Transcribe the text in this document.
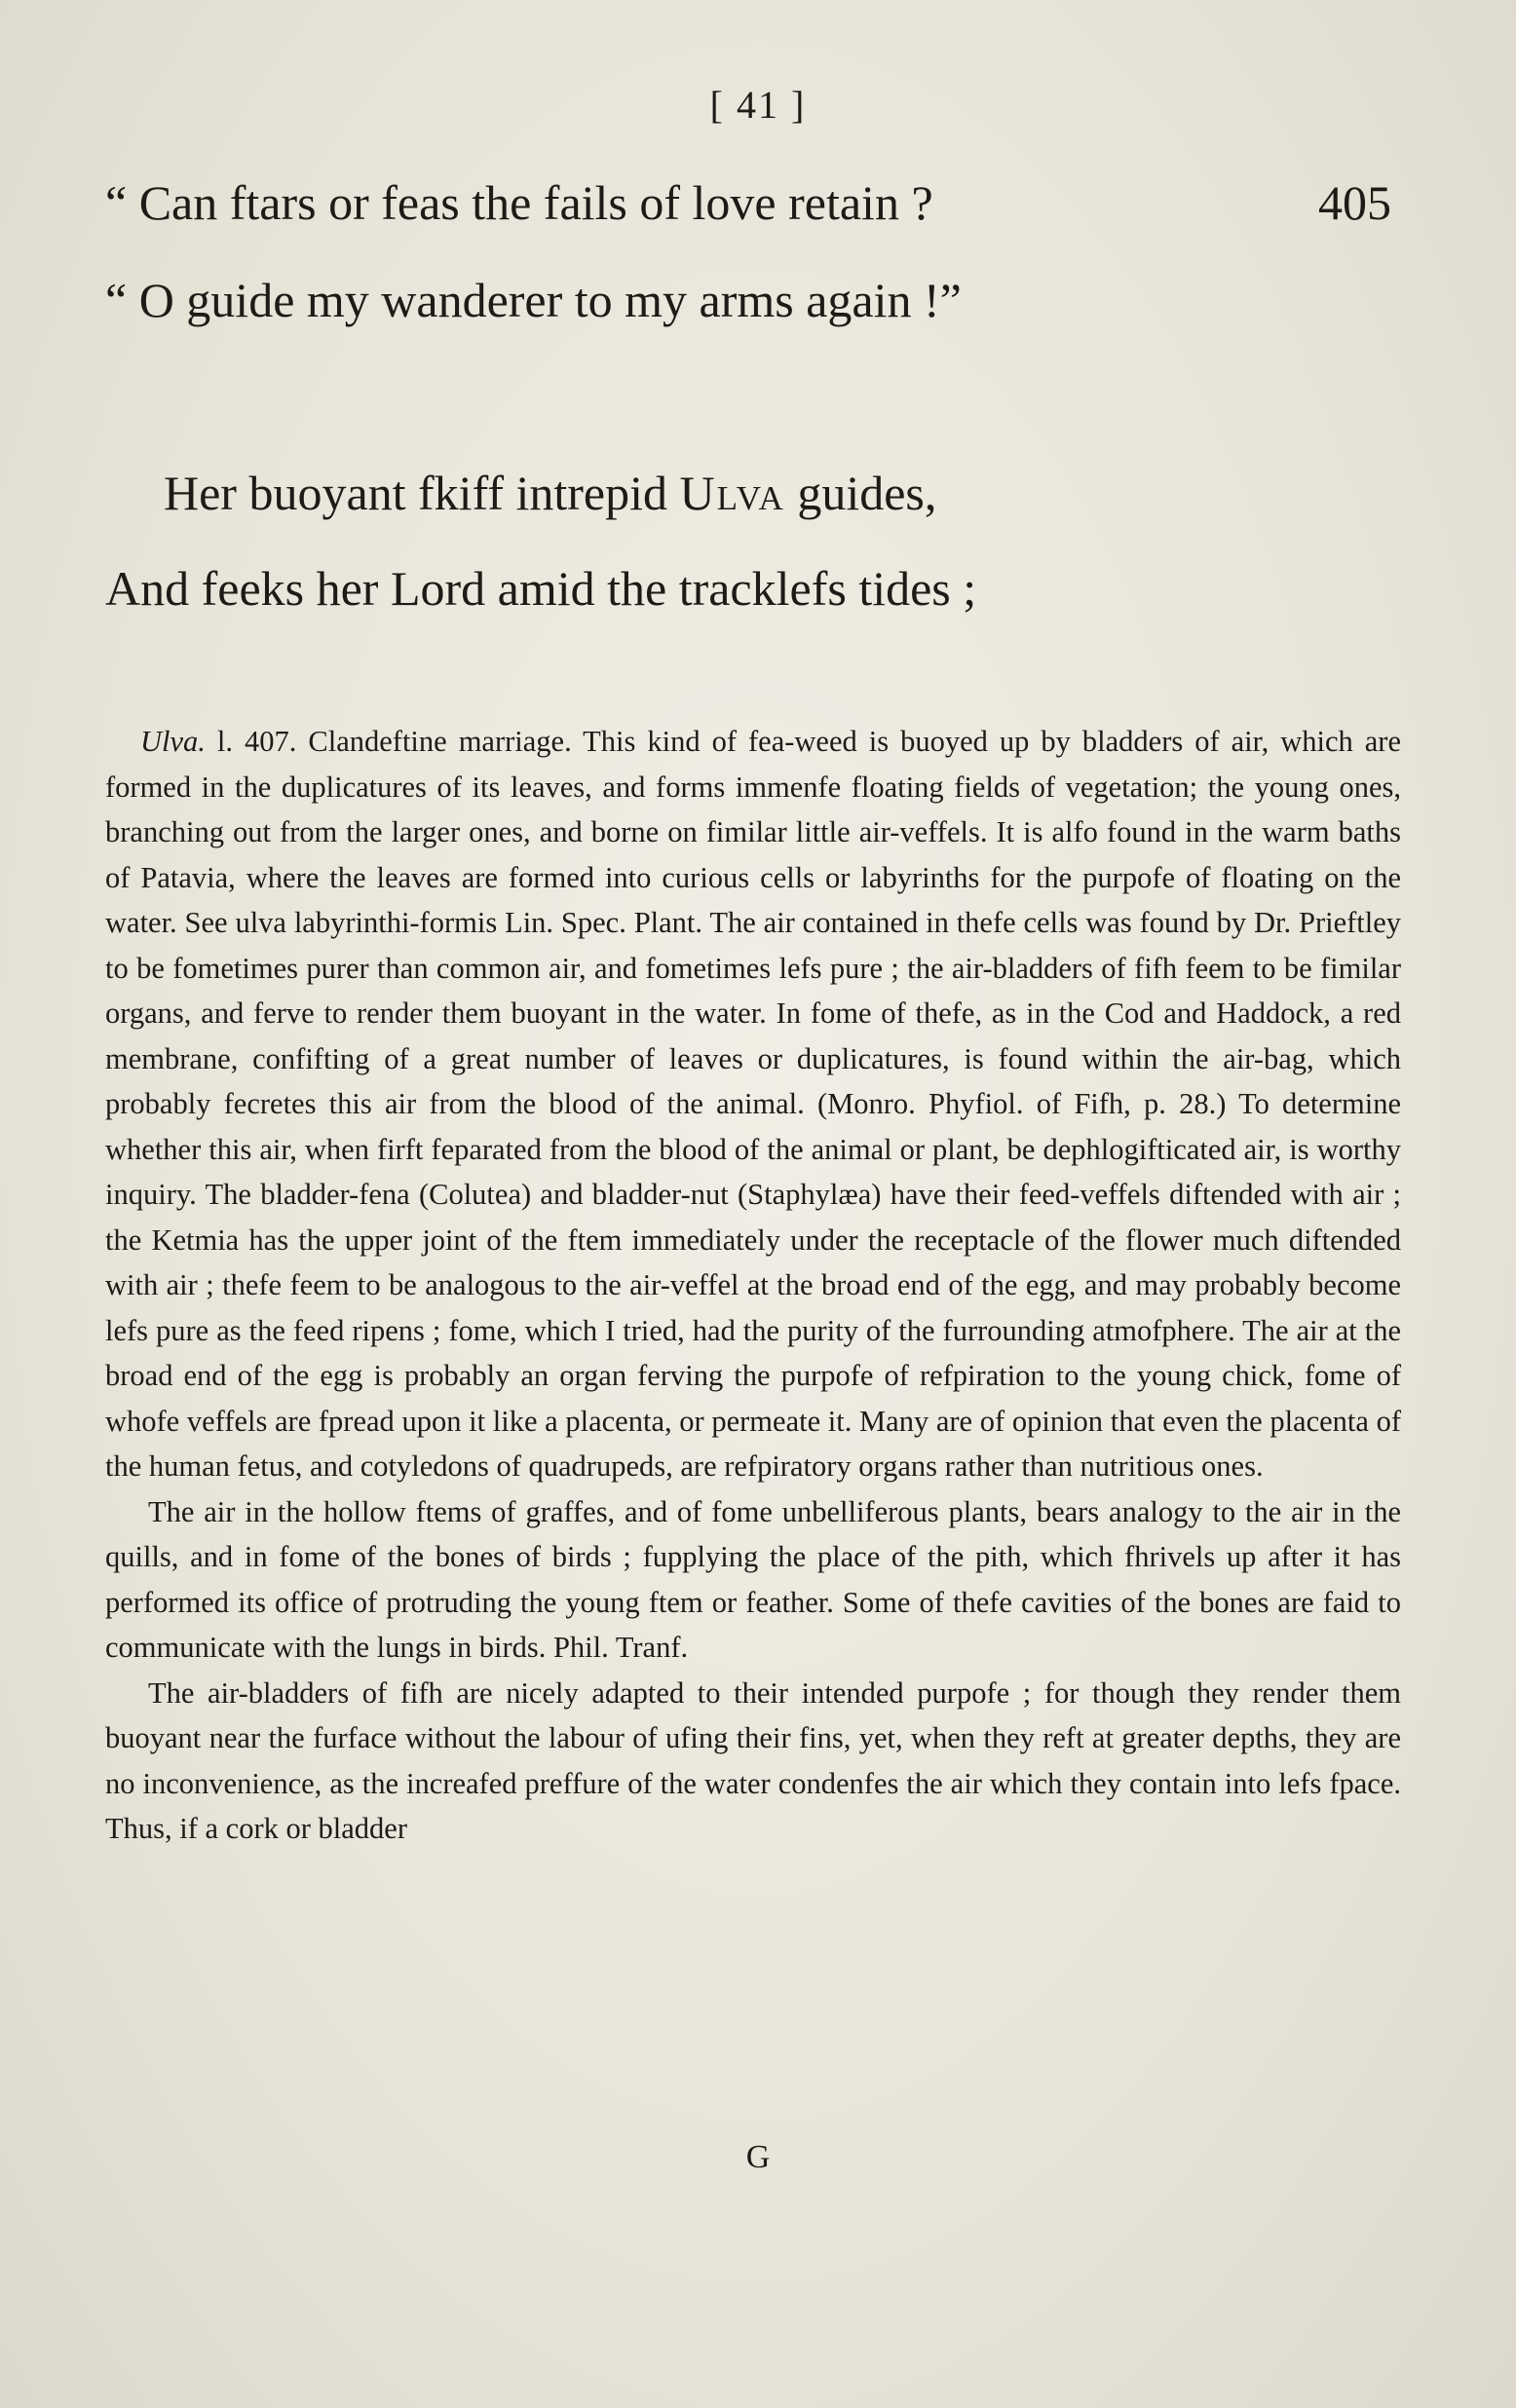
[ 41 ]
“ Can ftars or feas the fails of love retain ?	405
“ O guide my wanderer to my arms again !”
Her buoyant fkiff intrepid Ulva guides,
And feeks her Lord amid the tracklefs tides ;

Ulva. l. 407. Clandeftine marriage. This kind of fea-weed is buoyed up by bladders of air, which are formed in the duplicatures of its leaves, and forms immenfe floating fields of vegetation; the young ones, branching out from the larger ones, and borne on fimilar little air-veffels. It is alfo found in the warm baths of Patavia, where the leaves are formed into curious cells or labyrinths for the purpofe of floating on the water. See ulva labyrinthi-formis Lin. Spec. Plant. The air contained in thefe cells was found by Dr. Prieftley to be fometimes purer than common air, and fometimes lefs pure ; the air-bladders of fifh feem to be fimilar organs, and ferve to render them buoyant in the water. In fome of thefe, as in the Cod and Haddock, a red membrane, confifting of a great number of leaves or duplicatures, is found within the air-bag, which probably fecretes this air from the blood of the animal. (Monro. Phyfiol. of Fifh, p. 28.) To determine whether this air, when firft feparated from the blood of the animal or plant, be dephlogifticated air, is worthy inquiry. The bladder-fena (Colutea) and bladder-nut (Staphylæa) have their feed-veffels diftended with air ; the Ketmia has the upper joint of the ftem immediately under the receptacle of the flower much diftended with air ; thefe feem to be analogous to the air-veffel at the broad end of the egg, and may probably become lefs pure as the feed ripens ; fome, which I tried, had the purity of the furrounding atmofphere. The air at the broad end of the egg is probably an organ ferving the purpofe of refpiration to the young chick, fome of whofe veffels are fpread upon it like a placenta, or permeate it. Many are of opinion that even the placenta of the human fetus, and cotyledons of quadrupeds, are refpiratory organs rather than nutritious ones.

The air in the hollow ftems of graffes, and of fome unbelliferous plants, bears analogy to the air in the quills, and in fome of the bones of birds ; fupplying the place of the pith, which fhrivels up after it has performed its office of protruding the young ftem or feather. Some of thefe cavities of the bones are faid to communicate with the lungs in birds. Phil. Tranf.

The air-bladders of fifh are nicely adapted to their intended purpofe ; for though they render them buoyant near the furface without the labour of ufing their fins, yet, when they reft at greater depths, they are no inconvenience, as the increafed preffure of the water condenfes the air which they contain into lefs fpace. Thus, if a cork or bladder

G
